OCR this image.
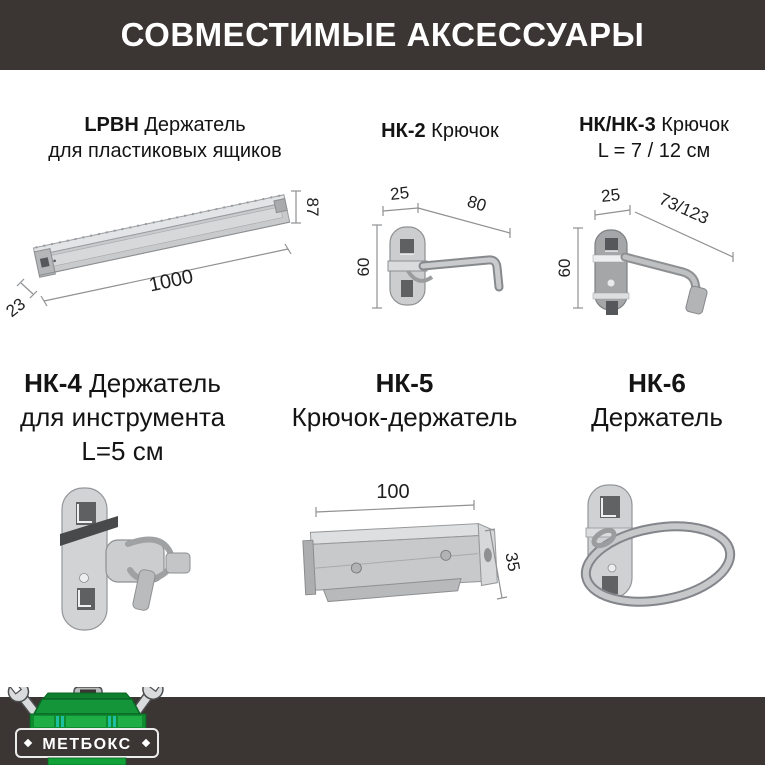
СОВМЕСТИМЫЕ АКСЕССУАРЫ
LPBH Держатель
для пластиковых ящиков
НК-2 Крючок	НК/НК-3 Крючок
L = 7 / 12 см
НК-4 Держатель
для инструмента
L=5 см
НК-5
Крючок-держатель
НК-6
Держатель
87
1000
23
25	80
60
25 73/123
60
100
35
МЕТБОКС
